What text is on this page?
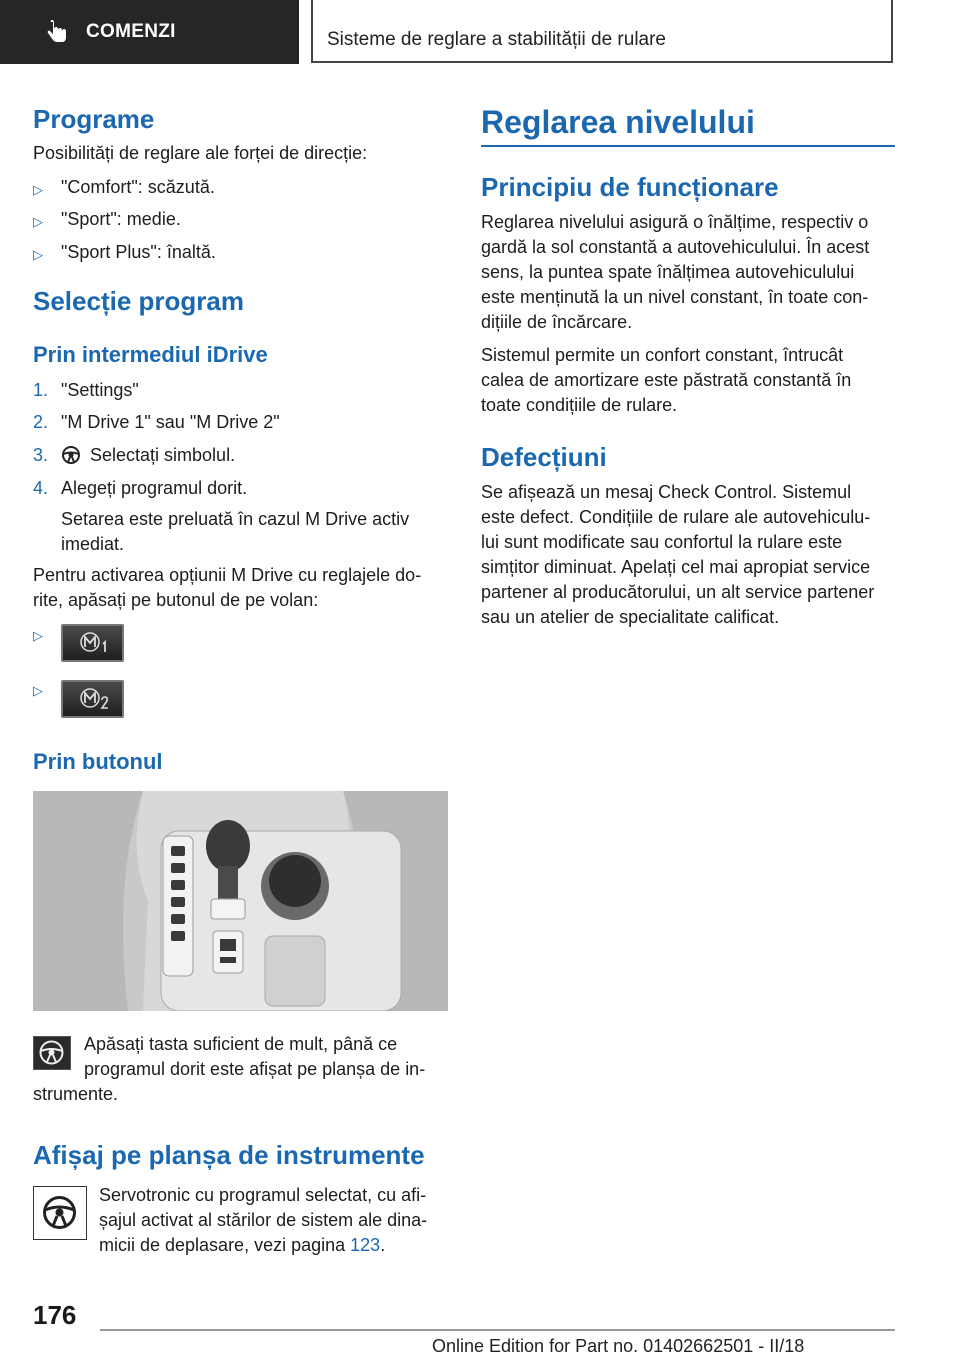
COMENZI	Sisteme de reglare a stabilității de rulare
Programe
Posibilități de reglare ale forței de direcție:
▷ "Comfort": scăzută.
▷ "Sport": medie.
▷ "Sport Plus": înaltă.
Selecție program
Prin intermediul iDrive
1. "Settings"
2. "M Drive 1" sau "M Drive 2"
3. Selectați simbolul.
4. Alegeți programul dorit.
Setarea este preluată în cazul M Drive activ
imediat.
Pentru activarea opțiunii M Drive cu reglajele do-
rite, apăsați pe butonul de pe volan:
▷
▷
Prin butonul
Apăsați tasta suficient de mult, până ce
programul dorit este afișat pe planșa de in-
strumente.
Afișaj pe planșa de instrumente
Servotronic cu programul selectat, cu afi-
șajul activat al stărilor de sistem ale dina-
micii de deplasare, vezi pagina 123.
Reglarea nivelului
Principiu de funcționare
Reglarea nivelului asigură o înălțime, respectiv o
gardă la sol constantă a autovehiculului. În acest
sens, la puntea spate înălțimea autovehiculului
este menținută la un nivel constant, în toate con-
dițiile de încărcare.
Sistemul permite un confort constant, întrucât
calea de amortizare este păstrată constantă în
toate condițiile de rulare.
Defecțiuni
Se afișează un mesaj Check Control. Sistemul
este defect. Condițiile de rulare ale autovehiculu-
lui sunt modificate sau confortul la rulare este
simțitor diminuat. Apelați cel mai apropiat service
partener al producătorului, un alt service partener
sau un atelier de specialitate calificat.
176
Online Edition for Part no. 01402662501 - II/18
